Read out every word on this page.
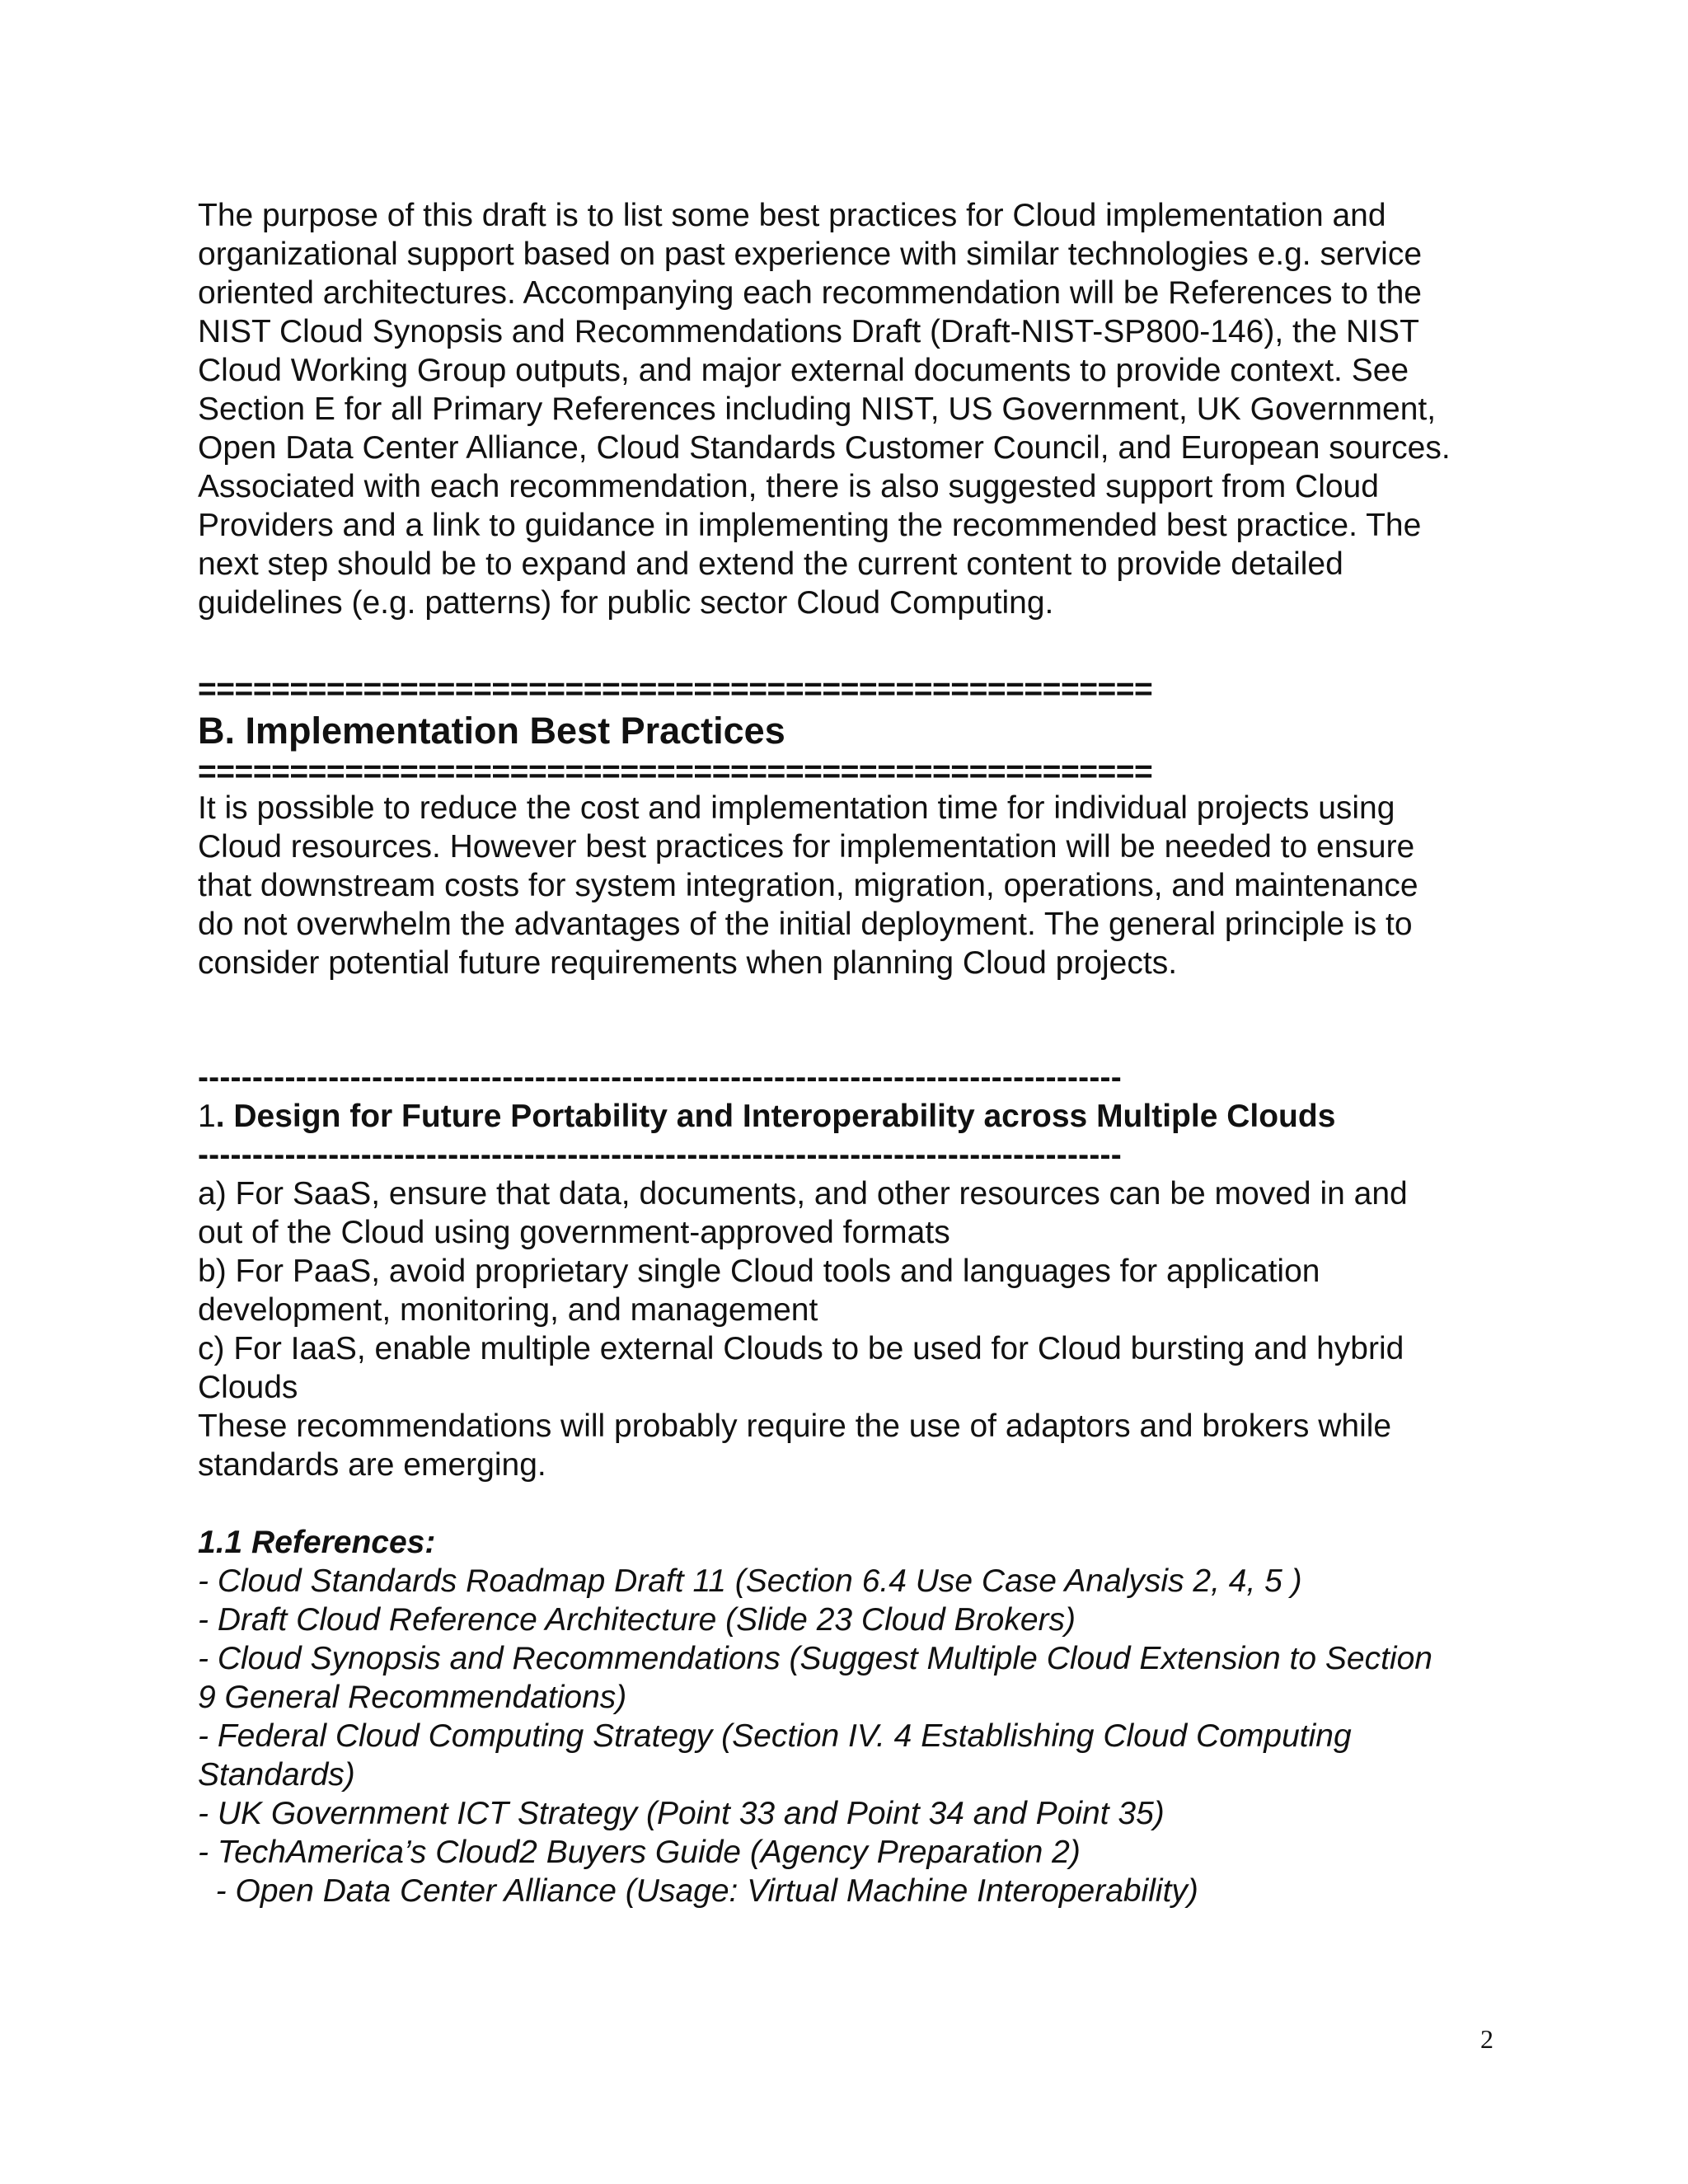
The purpose of this draft is to list some best practices for Cloud implementation and
organizational support based on past experience with similar technologies e.g. service
oriented architectures. Accompanying each recommendation will be References to the
NIST Cloud Synopsis and Recommendations Draft (Draft-NIST-SP800-146), the NIST
Cloud Working Group outputs, and major external documents to provide context. See
Section E for all Primary References including NIST, US Government, UK Government,
Open Data Center Alliance, Cloud Standards Customer Council, and European sources.
Associated with each recommendation, there is also suggested support from Cloud
Providers and a link to guidance in implementing the recommended best practice. The
next step should be to expand and extend the current content to provide detailed
guidelines (e.g. patterns) for public sector Cloud Computing.
====================================================
B. Implementation Best Practices
====================================================
It is possible to reduce the cost and implementation time for individual projects using
Cloud resources. However best practices for implementation will be needed to ensure
that downstream costs for system integration, migration, operations, and maintenance
do not overwhelm the advantages of the initial deployment. The general principle is to
consider potential future requirements when planning Cloud projects.
-------------------------------------------------------------------------------------
1. Design for Future Portability and Interoperability across Multiple Clouds
-------------------------------------------------------------------------------------
a) For SaaS, ensure that data, documents, and other resources can be moved in and
out of the Cloud using government-approved formats
b) For PaaS, avoid proprietary single Cloud tools and languages for application
development, monitoring, and management
c) For IaaS, enable multiple external Clouds to be used for Cloud bursting and hybrid
Clouds
These recommendations will probably require the use of adaptors and brokers while
standards are emerging.
1.1 References:
- Cloud Standards Roadmap Draft 11 (Section 6.4 Use Case Analysis 2, 4, 5 )
- Draft Cloud Reference Architecture (Slide 23 Cloud Brokers)
- Cloud Synopsis and Recommendations (Suggest Multiple Cloud Extension to Section
9 General Recommendations)
- Federal Cloud Computing Strategy (Section IV. 4 Establishing Cloud Computing
Standards)
- UK Government ICT Strategy (Point 33 and Point 34 and Point 35)
- TechAmerica’s Cloud2 Buyers Guide (Agency Preparation 2)
- Open Data Center Alliance (Usage: Virtual Machine Interoperability)
2
